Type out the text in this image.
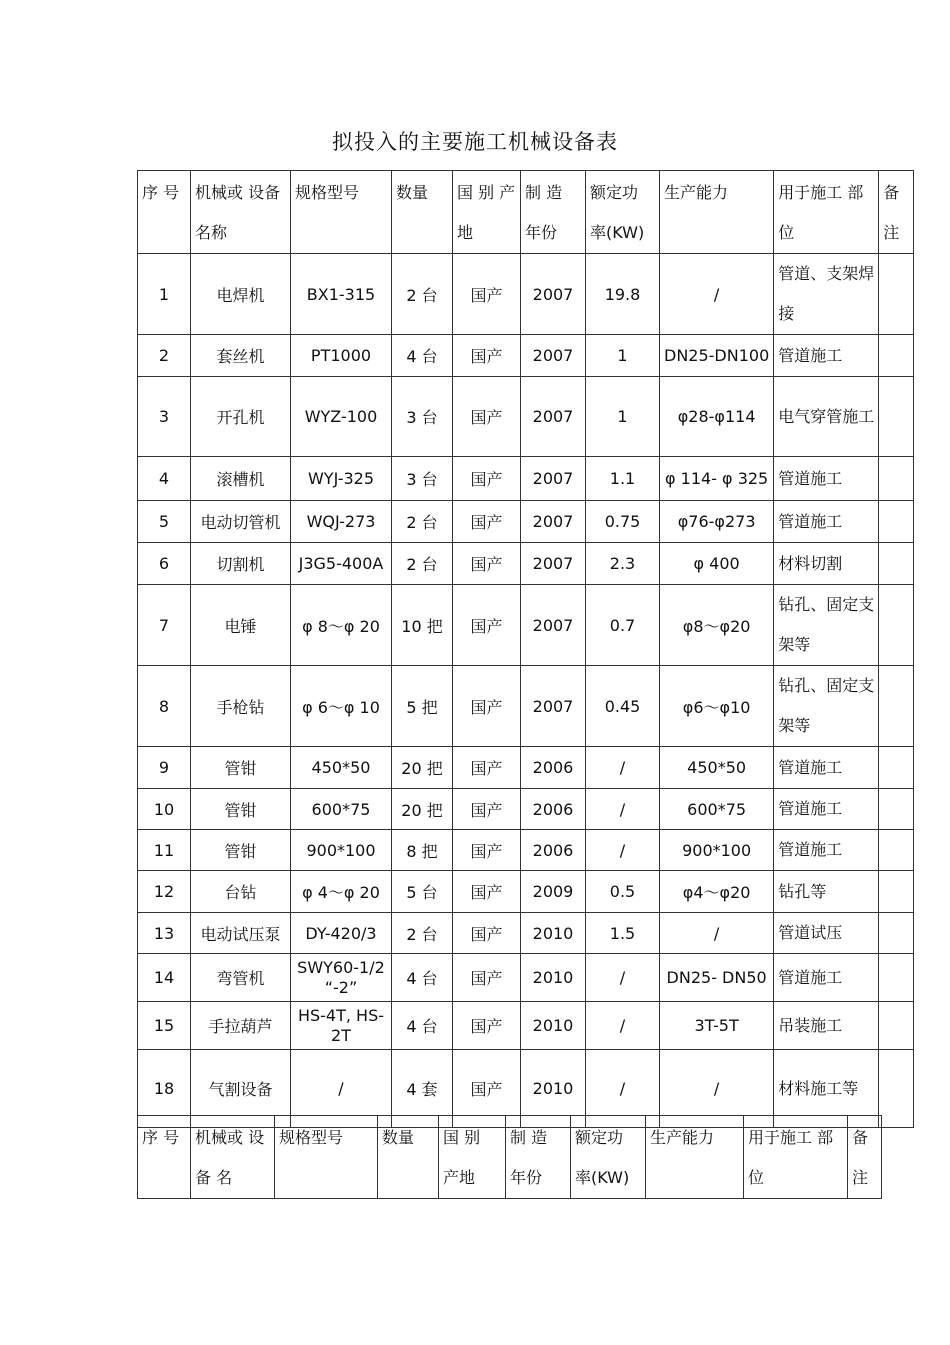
拟投入的主要施工机械设备表
序 号	机械或 设备名称	规格型号	数量	国 别 产地	制 造 年份	额定功 率(KW)	生产能力	用于施工 部位	备 注
1	电焊机	BX1-315	2 台	国产	2007	19.8	/	管道、支架焊接	
2	套丝机	PT1000	4 台	国产	2007	1	DN25-DN100	管道施工	
3	开孔机	WYZ-100	3 台	国产	2007	1	φ28-φ114	电气穿管施工	
4	滚槽机	WYJ-325	3 台	国产	2007	1.1	φ 114- φ 325	管道施工	
5	电动切管机	WQJ-273	2 台	国产	2007	0.75	φ76-φ273	管道施工	
6	切割机	J3G5-400A	2 台	国产	2007	2.3	φ 400	材料切割	
7	电锤	φ 8～φ 20	10 把	国产	2007	0.7	φ8～φ20	钻孔、固定支架等	
8	手枪钻	φ 6～φ 10	5 把	国产	2007	0.45	φ6～φ10	钻孔、固定支架等	
9	管钳	450*50	20 把	国产	2006	/	450*50	管道施工	
10	管钳	600*75	20 把	国产	2006	/	600*75	管道施工	
11	管钳	900*100	8 把	国产	2006	/	900*100	管道施工	
12	台钻	φ 4～φ 20	5 台	国产	2009	0.5	φ4～φ20	钻孔等	
13	电动试压泵	DY-420/3	2 台	国产	2010	1.5	/	管道试压	
14	弯管机	SWY60-1/2 “-2”	4 台	国产	2010	/	DN25- DN50	管道施工	
15	手拉葫芦	HS-4T, HS-2T	4 台	国产	2010	/	3T-5T	吊装施工	
18	气割设备	/	4 套	国产	2010	/	/	材料施工等	
序 号	机械或 设 备 名	规格型号	数量	国 别 产地	制 造 年份	额定功 率(KW)	生产能力	用于施工 部位	备 注
